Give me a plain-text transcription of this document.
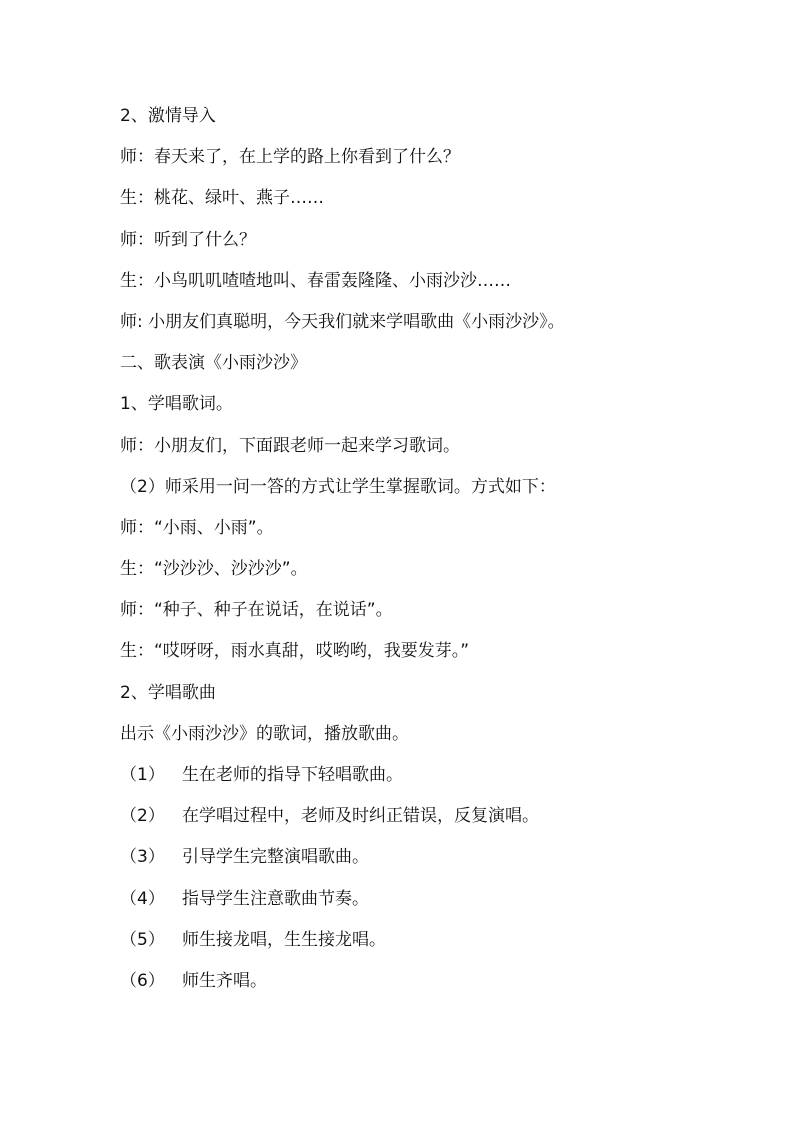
2、激情导入
师：春天来了，在上学的路上你看到了什么？
生：桃花、绿叶、燕子……
师：听到了什么？
生：小鸟叽叽喳喳地叫、春雷轰隆隆、小雨沙沙……
师: 小朋友们真聪明，今天我们就来学唱歌曲《小雨沙沙》。
二、歌表演《小雨沙沙》
1、学唱歌词。
师：小朋友们，下面跟老师一起来学习歌词。
（2）师采用一问一答的方式让学生掌握歌词。方式如下：
师：“小雨、小雨”。
生：“沙沙沙、沙沙沙”。
师：“种子、种子在说话，在说话”。
生：“哎呀呀，雨水真甜，哎哟哟，我要发芽。”
2、学唱歌曲
出示《小雨沙沙》的歌词，播放歌曲。
（1） 生在老师的指导下轻唱歌曲。
（2） 在学唱过程中，老师及时纠正错误，反复演唱。
（3） 引导学生完整演唱歌曲。
（4） 指导学生注意歌曲节奏。
（5） 师生接龙唱，生生接龙唱。
（6） 师生齐唱。
